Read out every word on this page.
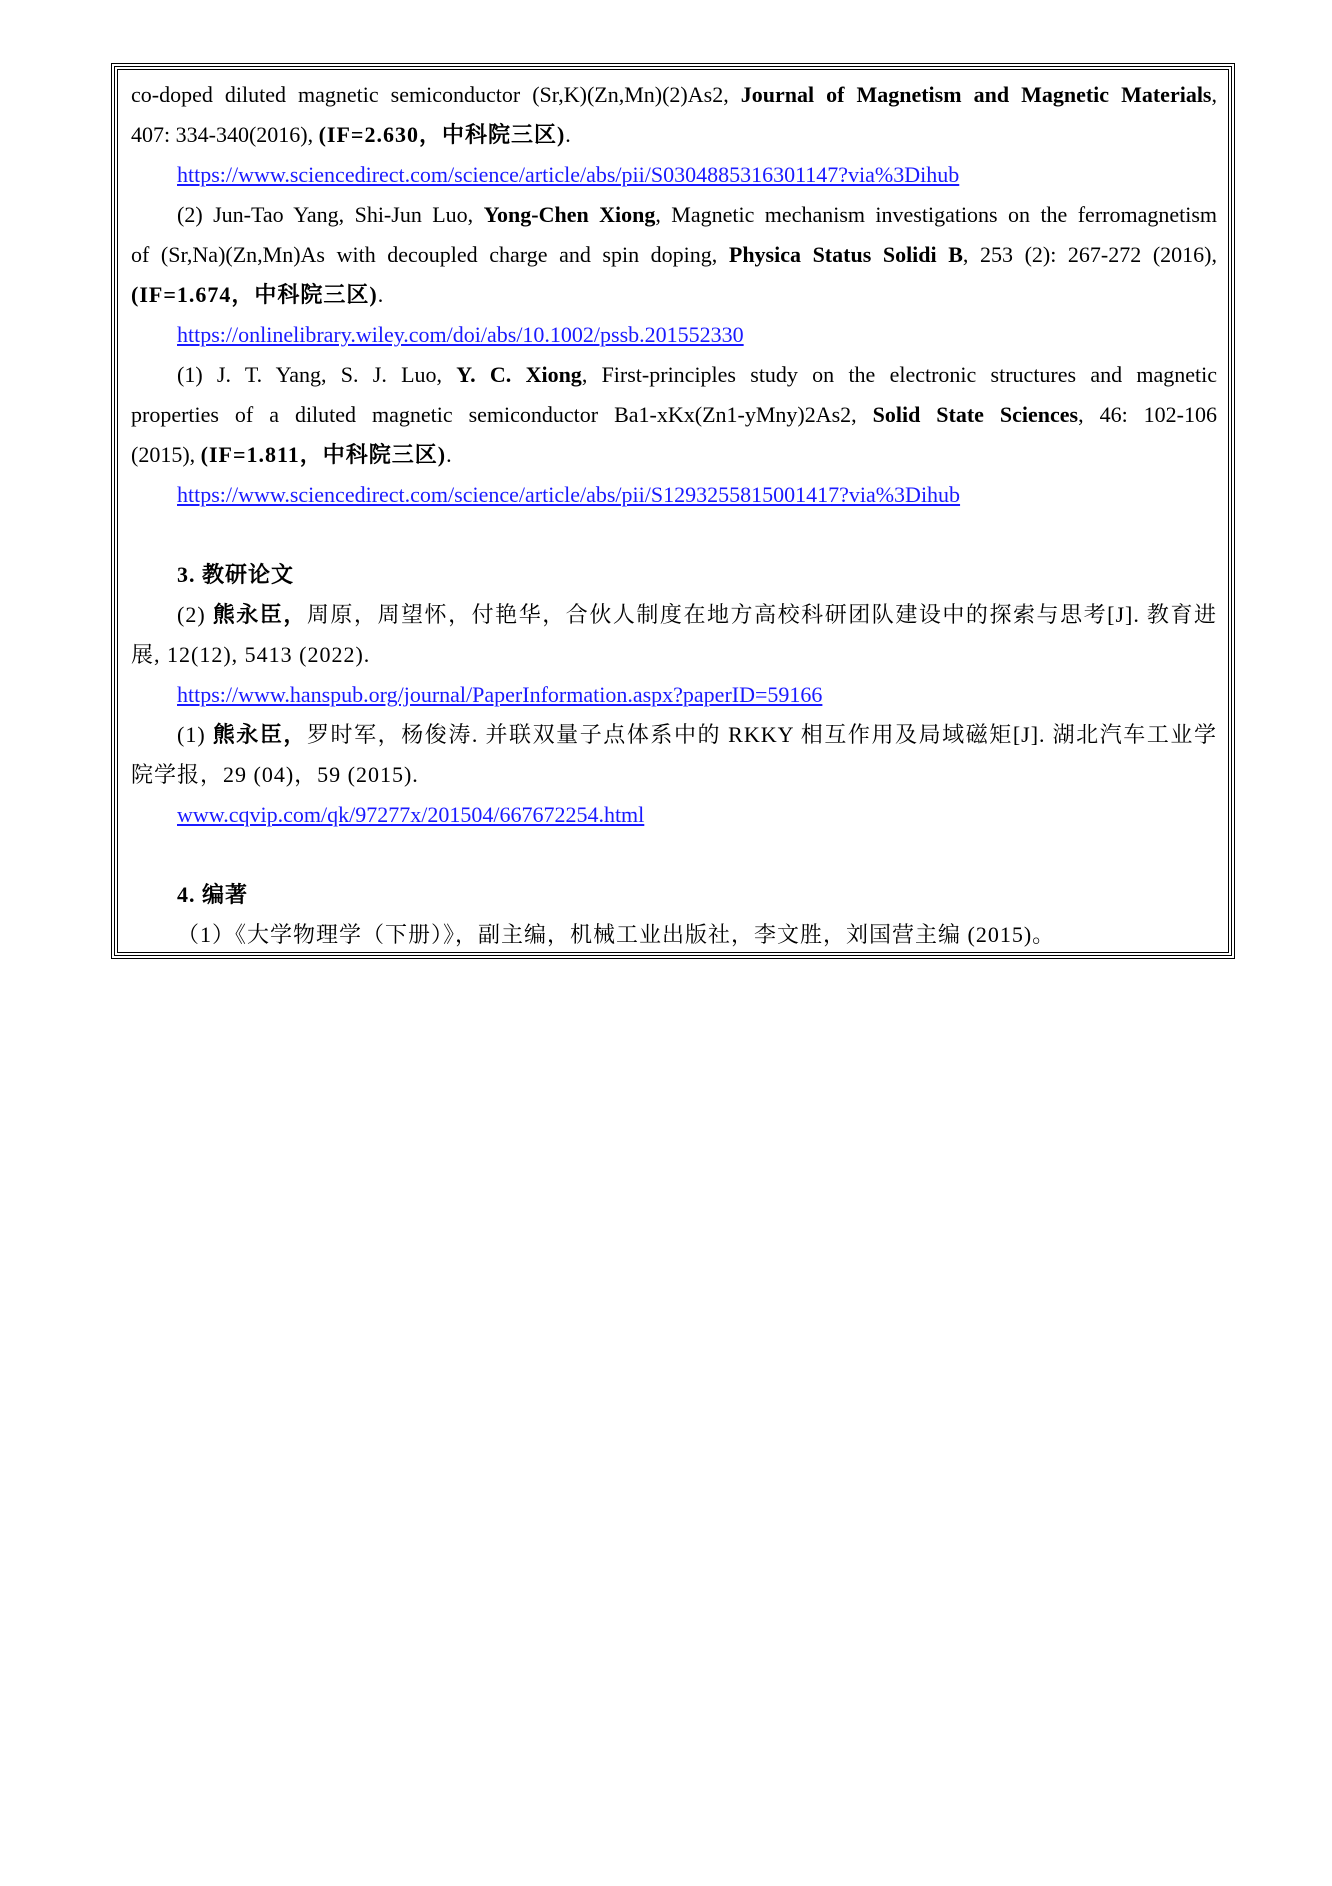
co-doped diluted magnetic semiconductor (Sr,K)(Zn,Mn)(2)As2, Journal of Magnetism and Magnetic Materials,
407: 334-340(2016), (IF=2.630，中科院三区).
https://www.sciencedirect.com/science/article/abs/pii/S0304885316301147?via%3Dihub
(2) Jun-Tao Yang, Shi-Jun Luo, Yong-Chen Xiong, Magnetic mechanism investigations on the ferromagnetism
of (Sr,Na)(Zn,Mn)As with decoupled charge and spin doping, Physica Status Solidi B, 253 (2): 267-272 (2016),
(IF=1.674，中科院三区).
https://onlinelibrary.wiley.com/doi/abs/10.1002/pssb.201552330
(1) J. T. Yang, S. J. Luo, Y. C. Xiong, First-principles study on the electronic structures and magnetic
properties of a diluted magnetic semiconductor Ba1-xKx(Zn1-yMny)2As2, Solid State Sciences, 46: 102-106
(2015), (IF=1.811，中科院三区).
https://www.sciencedirect.com/science/article/abs/pii/S1293255815001417?via%3Dihub
3. 教研论文
(2) 熊永臣，周原，周望怀，付艳华，合伙人制度在地方高校科研团队建设中的探索与思考[J]. 教育进
展, 12(12), 5413 (2022).
https://www.hanspub.org/journal/PaperInformation.aspx?paperID=59166
(1) 熊永臣，罗时军，杨俊涛. 并联双量子点体系中的 RKKY 相互作用及局域磁矩[J]. 湖北汽车工业学
院学报，29 (04)，59 (2015).
www.cqvip.com/qk/97277x/201504/667672254.html
4. 编著
（1）《大学物理学（下册）》，副主编，机械工业出版社，李文胜，刘国营主编 (2015)。
